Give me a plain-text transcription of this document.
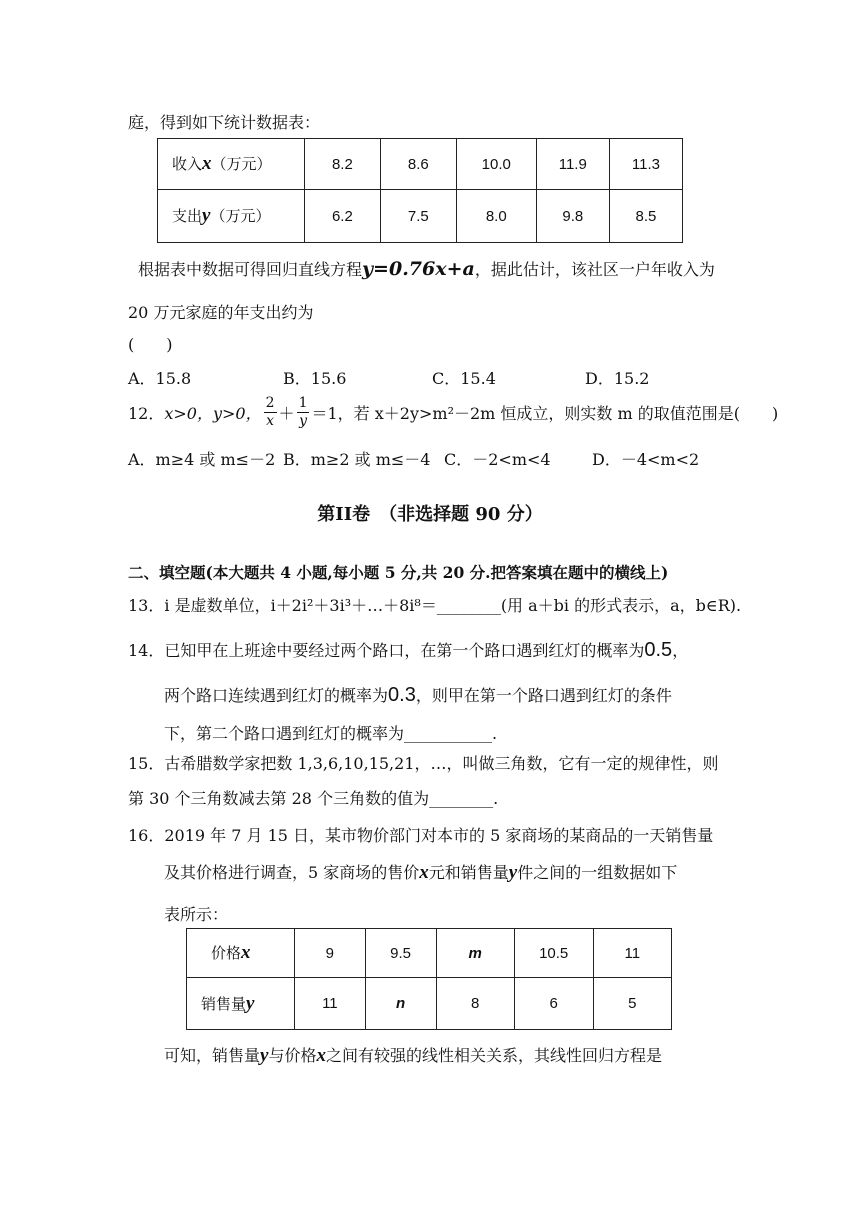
庭，得到如下统计数据表：
收入x（万元）	8.2	8.6	10.0	11.9	11.3
支出y（万元）	6.2	7.5	8.0	9.8	8.5
根据表中数据可得回归直线方程y=0.76x+a，据此估计，该社区一户年收入为
20 万元家庭的年支出约为
(　　)
A．15.8	B．15.6	C．15.4	D．15.2
12． x>0，y>0， $\frac{2}{x} + \frac{1}{y} =1$，若 x＋2y>m²－2m 恒成立，则实数 m 的取值范围是(　　)
A．m≥4 或 m≤－2 B．m≥2 或 m≤－4 C．－2<m<4	D．－4<m<2
第II卷　（非选择题 90 分）
二、填空题(本大题共 4 小题,每小题 5 分,共 20 分.把答案填在题中的横线上)
13．i 是虚数单位，i＋2i²＋3i³＋…＋8i⁸＝________(用 a＋bi 的形式表示，a，b∈R).
14．已知甲在上班途中要经过两个路口，在第一个路口遇到红灯的概率为0.5，
两个路口连续遇到红灯的概率为0.3，则甲在第一个路口遇到红灯的条件
下，第二个路口遇到红灯的概率为___________.
15．古希腊数学家把数 1,3,6,10,15,21，…，叫做三角数，它有一定的规律性，则
第 30 个三角数减去第 28 个三角数的值为________.
16．2019 年 7 月 15 日，某市物价部门对本市的 5 家商场的某商品的一天销售量
及其价格进行调查，5 家商场的售价x元和销售量y件之间的一组数据如下
表所示：
价格x	9	9.5	m	10.5	11
销售量y	11	n	8	6	5
可知，销售量y与价格x之间有较强的线性相关关系，其线性回归方程是
